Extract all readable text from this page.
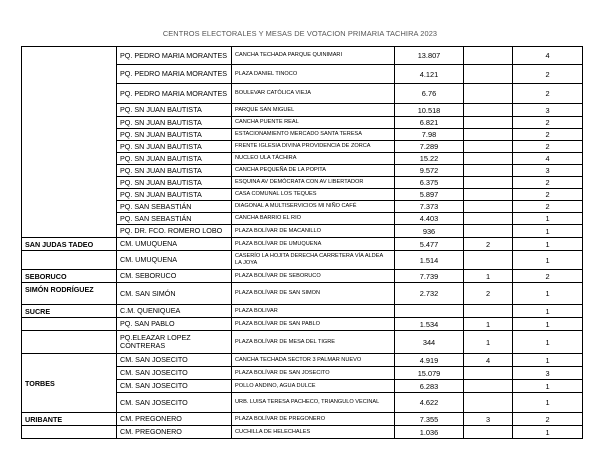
CENTROS ELECTORALES Y MESAS DE VOTACION PRIMARIA TACHIRA 2023
	PQ. PEDRO MARIA MORANTES	CANCHA TECHADA PARQUE QUINIMARI	13.807		4
	PQ. PEDRO MARIA MORANTES	PLAZA DANIEL TINOCO	4.121		2
	PQ. PEDRO MARIA MORANTES	BOULEVAR CATÓLICA VIEJA	6.76		2
	PQ. SN JUAN BAUTISTA	PARQUE SAN MIGUEL	10.518		3
	PQ. SN JUAN BAUTISTA	CANCHA PUENTE REAL	6.821		2
	PQ. SN JUAN BAUTISTA	ESTACIONAMIENTO MERCADO SANTA TERESA	7.98		2
	PQ. SN JUAN BAUTISTA	FRENTE IGLESIA DIVINA PROVIDENCIA DE ZORCA	7.289		2
	PQ. SN JUAN BAUTISTA	NUCLEO ULA TÁCHIRA	15.22		4
	PQ. SN JUAN BAUTISTA	CANCHA PEQUEÑA DE LA POPITA	9.572		3
	PQ. SN JUAN BAUTISTA	ESQUINA AV DEMÓCRATA CON AV LIBERTADOR	6.375		2
	PQ. SN JUAN BAUTISTA	CASA COMUNAL LOS TEQUES	5.897		2
	PQ. SAN SEBASTIÁN	DIAGONAL A MULTISERVICIOS MI NIÑO CAFÉ	7.373		2
	PQ. SAN SEBASTIÁN	CANCHA BARRIO EL RIO	4.403		1
	PQ. DR. FCO. ROMERO LOBO	PLAZA BOLÍVAR DE MACANILLO	936		1
SAN JUDAS TADEO	CM. UMUQUENA	PLAZA BOLÍVAR DE UMUQUENA	5.477	2	1
	CM. UMUQUENA	CASERÍO LA HOJITA DERECHA CARRETERA VÍA ALDEA LA JOYA	1.514		1
SEBORUCO	CM. SEBORUCO	PLAZA BOLÍVAR DE SEBORUCO	7.739	1	2
SIMÓN RODRÍGUEZ	CM. SAN SIMÓN	PLAZA BOLÍVAR DE SAN SIMON	2.732	2	1
SUCRE	C.M. QUENIQUEA	PLAZA BOLIVAR			1
	PQ. SAN PABLO	PLAZA BOLÍVAR DE SAN PABLO	1.534	1	1
	PQ.ELEAZAR LOPEZ CONTRERAS	PLAZA BOLÍVAR DE MESA DEL TIGRE	344	1	1
TORBES	CM. SAN JOSECITO	CANCHA TECHADA SECTOR 3 PALMAR NUEVO	4.919	4	1
	CM. SAN JOSECITO	PLAZA BOLÍVAR DE SAN JOSECITO	15.079		3
	CM. SAN JOSECITO	POLLO ANDINO, AGUA DULCE	6.283		1
	CM. SAN JOSECITO	URB. LUISA TERESA PACHECO, TRIANGULO VECINAL	4.622		1
URIBANTE	CM. PREGONERO	PLAZA BOLÍVAR DE PREGONERO	7.355	3	2
	CM. PREGONERO	CUCHILLA DE HELECHALES	1.036		1
